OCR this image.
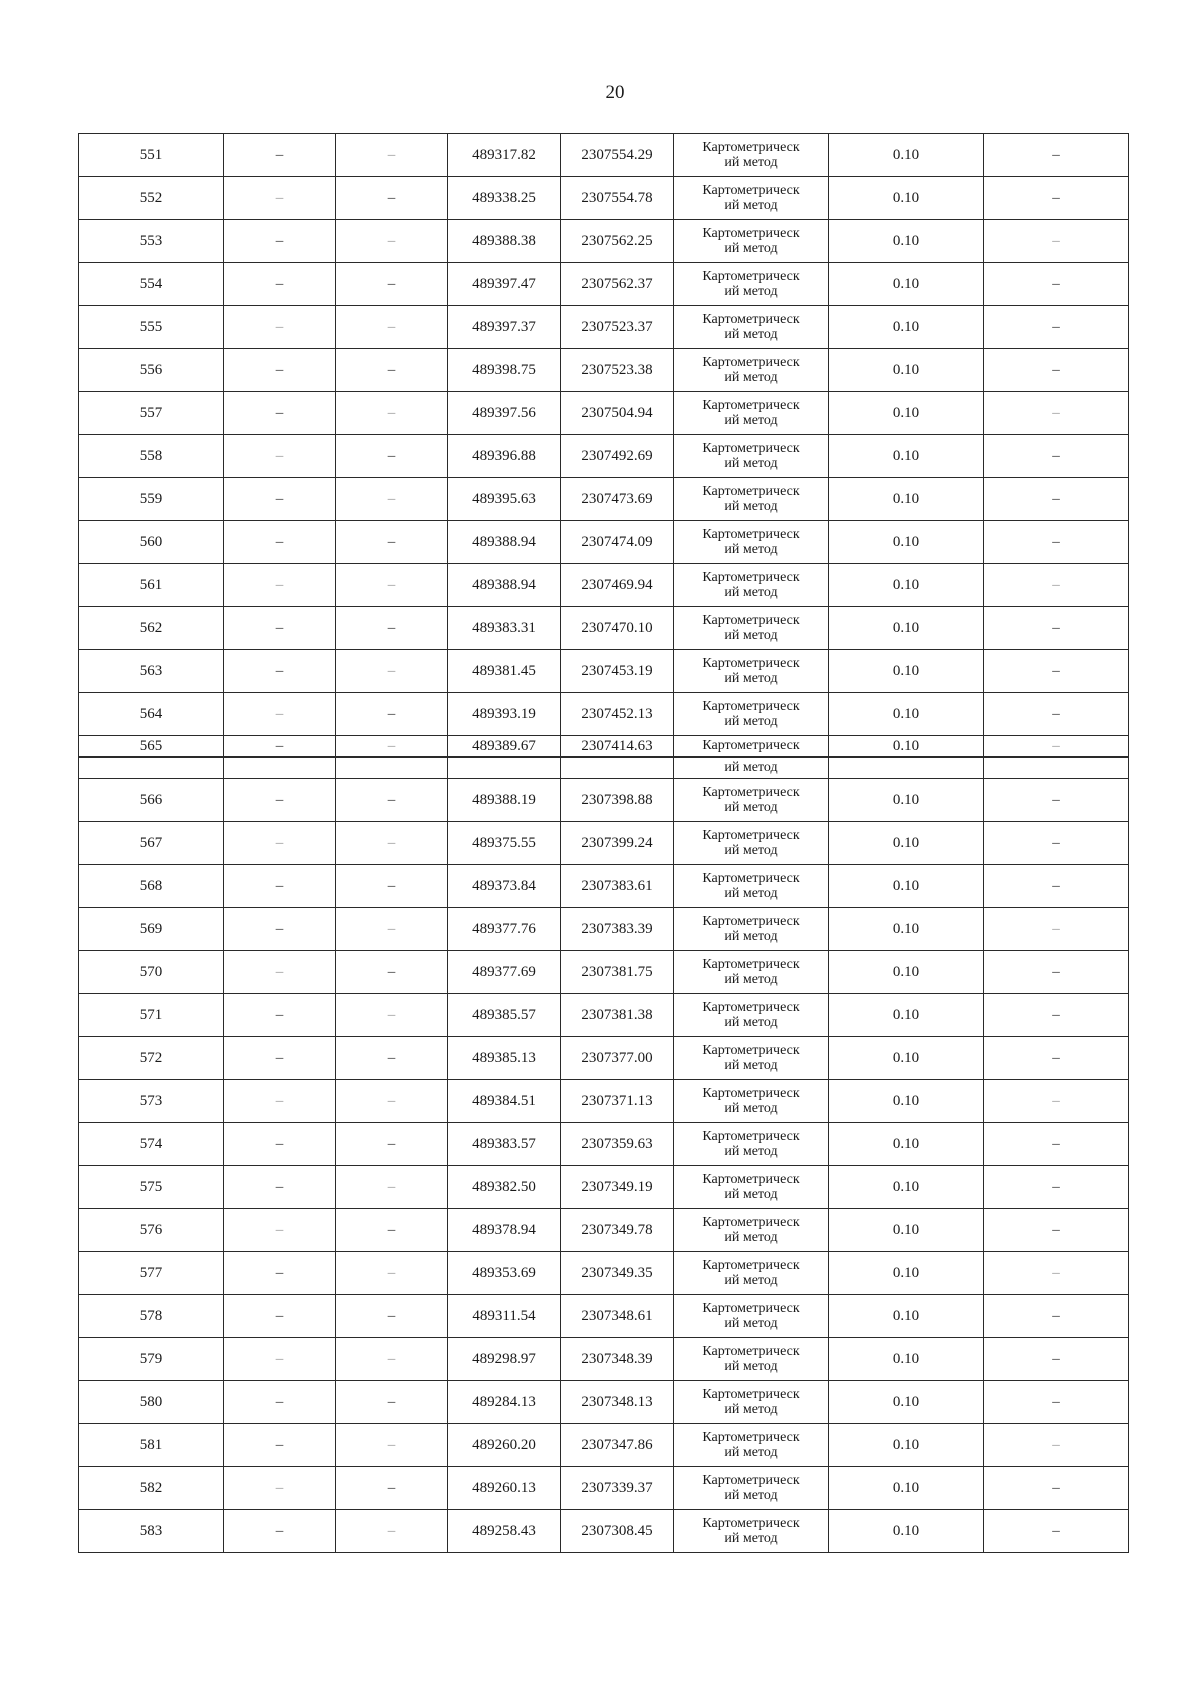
20
551	–	–	489317.82	2307554.29	Картометрическ
ий метод	0.10	–
552	–	–	489338.25	2307554.78	Картометрическ
ий метод	0.10	–
553	–	–	489388.38	2307562.25	Картометрическ
ий метод	0.10	–
554	–	–	489397.47	2307562.37	Картометрическ
ий метод	0.10	–
555	–	–	489397.37	2307523.37	Картометрическ
ий метод	0.10	–
556	–	–	489398.75	2307523.38	Картометрическ
ий метод	0.10	–
557	–	–	489397.56	2307504.94	Картометрическ
ий метод	0.10	–
558	–	–	489396.88	2307492.69	Картометрическ
ий метод	0.10	–
559	–	–	489395.63	2307473.69	Картометрическ
ий метод	0.10	–
560	–	–	489388.94	2307474.09	Картометрическ
ий метод	0.10	–
561	–	–	489388.94	2307469.94	Картометрическ
ий метод	0.10	–
562	–	–	489383.31	2307470.10	Картометрическ
ий метод	0.10	–
563	–	–	489381.45	2307453.19	Картометрическ
ий метод	0.10	–
564	–	–	489393.19	2307452.13	Картометрическ
ий метод	0.10	–
565	–	–	489389.67	2307414.63	Картометрическ	0.10	–
					ий метод		
566	–	–	489388.19	2307398.88	Картометрическ
ий метод	0.10	–
567	–	–	489375.55	2307399.24	Картометрическ
ий метод	0.10	–
568	–	–	489373.84	2307383.61	Картометрическ
ий метод	0.10	–
569	–	–	489377.76	2307383.39	Картометрическ
ий метод	0.10	–
570	–	–	489377.69	2307381.75	Картометрическ
ий метод	0.10	–
571	–	–	489385.57	2307381.38	Картометрическ
ий метод	0.10	–
572	–	–	489385.13	2307377.00	Картометрическ
ий метод	0.10	–
573	–	–	489384.51	2307371.13	Картометрическ
ий метод	0.10	–
574	–	–	489383.57	2307359.63	Картометрическ
ий метод	0.10	–
575	–	–	489382.50	2307349.19	Картометрическ
ий метод	0.10	–
576	–	–	489378.94	2307349.78	Картометрическ
ий метод	0.10	–
577	–	–	489353.69	2307349.35	Картометрическ
ий метод	0.10	–
578	–	–	489311.54	2307348.61	Картометрическ
ий метод	0.10	–
579	–	–	489298.97	2307348.39	Картометрическ
ий метод	0.10	–
580	–	–	489284.13	2307348.13	Картометрическ
ий метод	0.10	–
581	–	–	489260.20	2307347.86	Картометрическ
ий метод	0.10	–
582	–	–	489260.13	2307339.37	Картометрическ
ий метод	0.10	–
583	–	–	489258.43	2307308.45	Картометрическ
ий метод	0.10	–
